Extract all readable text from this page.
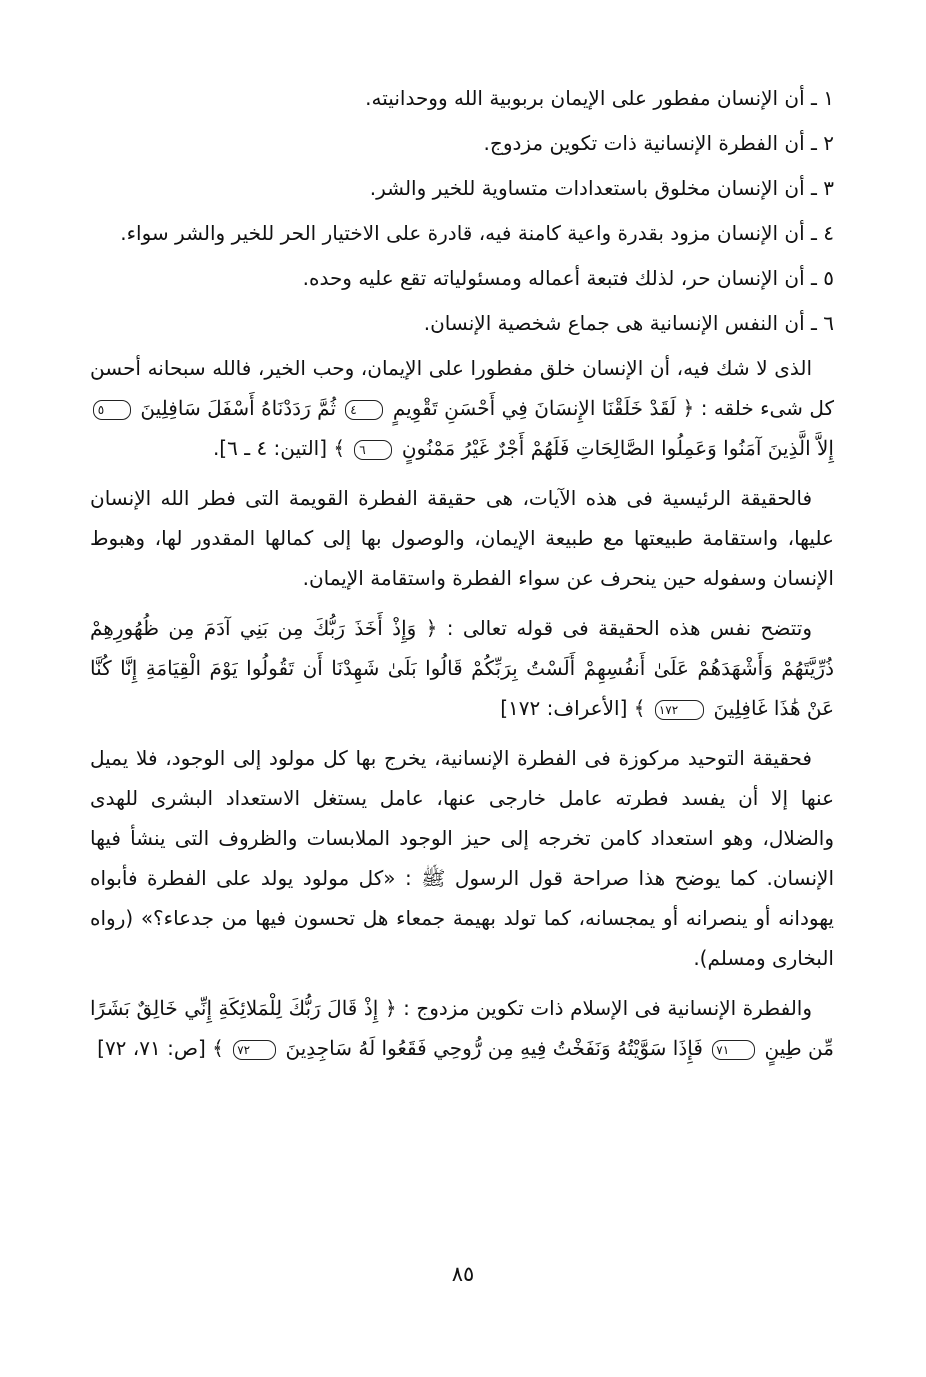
١ ـ أن الإنسان مفطور على الإيمان بربوبية الله ووحدانيته.
٢ ـ أن الفطرة الإنسانية ذات تكوين مزدوج.
٣ ـ أن الإنسان مخلوق باستعدادات متساوية للخير والشر.
٤ ـ أن الإنسان مزود بقدرة واعية كامنة فيه، قادرة على الاختيار الحر للخير والشر سواء.
٥ ـ أن الإنسان حر، لذلك فتبعة أعماله ومسئولياته تقع عليه وحده.
٦ ـ أن النفس الإنسانية هى جماع شخصية الإنسان.

الذى لا شك فيه، أن الإنسان خلق مفطورا على الإيمان، وحب الخير، فالله سبحانه أحسن كل شىء خلقه : ﴿ لَقَدْ خَلَقْنَا الإِنسَانَ فِي أَحْسَنِ تَقْوِيمٍ ٤ ثُمَّ رَدَدْنَاهُ أَسْفَلَ سَافِلِينَ ٥ إِلاَّ الَّذِينَ آمَنُوا وَعَمِلُوا الصَّالِحَاتِ فَلَهُمْ أَجْرٌ غَيْرُ مَمْنُونٍ ٦ ﴾ [التين: ٤ ـ ٦].

فالحقيقة الرئيسية فى هذه الآيات، هى حقيقة الفطرة القويمة التى فطر الله الإنسان عليها، واستقامة طبيعتها مع طبيعة الإيمان، والوصول بها إلى كمالها المقدور لها، وهبوط الإنسان وسفوله حين ينحرف عن سواء الفطرة واستقامة الإيمان.

وتتضح نفس هذه الحقيقة فى قوله تعالى : ﴿ وَإِذْ أَخَذَ رَبُّكَ مِن بَنِي آدَمَ مِن ظُهُورِهِمْ ذُرِّيَّتَهُمْ وَأَشْهَدَهُمْ عَلَىٰ أَنفُسِهِمْ أَلَسْتُ بِرَبِّكُمْ قَالُوا بَلَىٰ شَهِدْنَا أَن تَقُولُوا يَوْمَ الْقِيَامَةِ إِنَّا كُنَّا عَنْ هَٰذَا غَافِلِينَ ١٧٢ ﴾ [الأعراف: ١٧٢]

فحقيقة التوحيد مركوزة فى الفطرة الإنسانية، يخرج بها كل مولود إلى الوجود، فلا يميل عنها إلا أن يفسد فطرته عامل خارجى عنها، عامل يستغل الاستعداد البشرى للهدى والضلال، وهو استعداد كامن تخرجه إلى حيز الوجود الملابسات والظروف التى ينشأ فيها الإنسان. كما يوضح هذا صراحة قول الرسول ﷺ : «كل مولود يولد على الفطرة فأبواه يهودانه أو ينصرانه أو يمجسانه، كما تولد بهيمة جمعاء هل تحسون فيها من جدعاء؟» (رواه البخارى ومسلم).

والفطرة الإنسانية فى الإسلام ذات تكوين مزدوج : ﴿ إِذْ قَالَ رَبُّكَ لِلْمَلائِكَةِ إِنِّي خَالِقٌ بَشَرًا مِّن طِينٍ ٧١ فَإِذَا سَوَّيْتُهُ وَنَفَخْتُ فِيهِ مِن رُّوحِي فَقَعُوا لَهُ سَاجِدِينَ ٧٢ ﴾ [ص: ٧١، ٧٢]

٨٥
